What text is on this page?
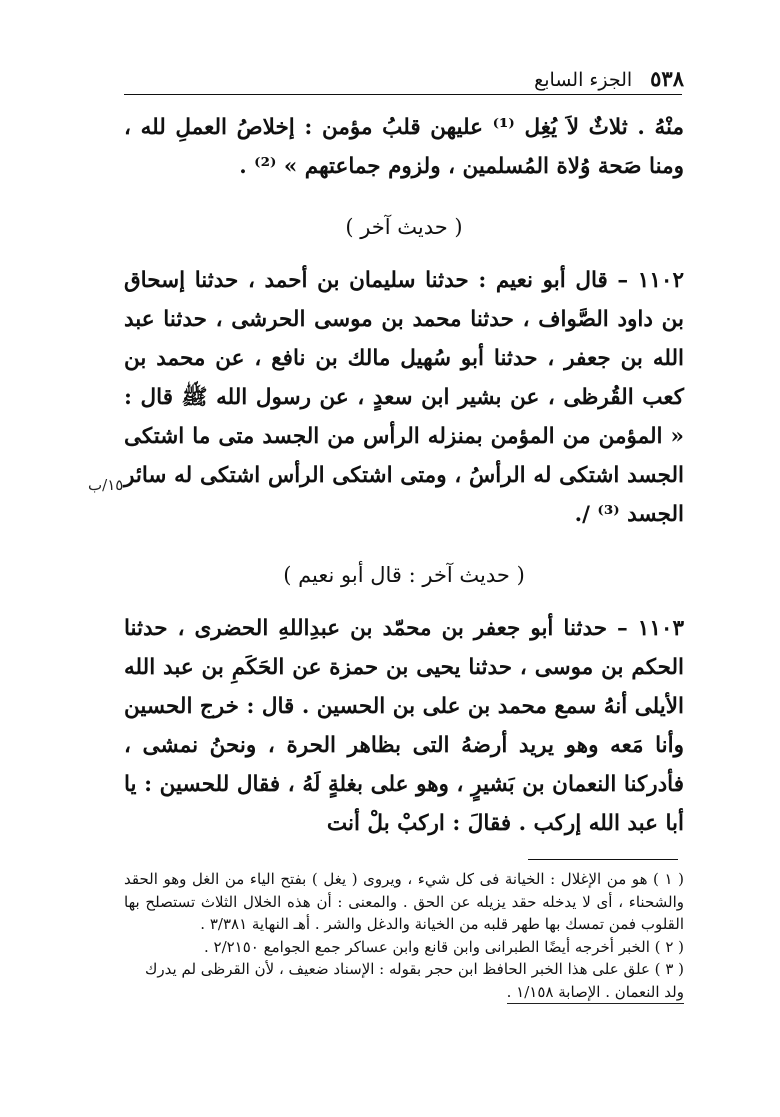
٥٣٨
الجزء السابع

منْهُ . ثلاثٌ لاَ يُغِل ⁽¹⁾ عليهن قلبُ مؤمن : إخلاصُ العملِ لله ، ومنا صَحة وُلاة المُسلمين ، ولزوم جماعتهم » ⁽²⁾ .

( حديث آخر )

١١٠٢ – قال أبو نعيم : حدثنا سليمان بن أحمد ، حدثنا إسحاق بن داود الصَّواف ، حدثنا محمد بن موسى الحرشى ، حدثنا عبد الله بن جعفر ، حدثنا أبو سُهيل مالك بن نافع ، عن محمد بن كعب القُرظى ، عن بشير ابن سعدٍ ، عن رسول الله ﷺ قال : « المؤمن من المؤمن بمنزله الرأس من الجسد متى ما اشتكى الجسد اشتكى له الرأسُ ، ومتى اشتكى الرأس اشتكى له سائر الجسد ⁽³⁾ /.

( حديث آخر : قال أبو نعيم )

١١٠٣ – حدثنا أبو جعفر بن محمّد بن عبدِاللهِ الحضرى ، حدثنا الحكم بن موسى ، حدثنا يحيى بن حمزة عن الحَكَمِ بن عبد الله الأيلى أنهُ سمع محمد بن على بن الحسين . قال : خرج الحسين وأنا مَعه وهو يريد أرضهُ التى بظاهر الحرة ، ونحنُ نمشى ، فأدركنا النعمان بن بَشيرٍ ، وهو على بغلةٍ لَهُ ، فقال للحسين : يا أبا عبد الله إركب . فقالَ : اركبْ بلْ أنت

١٥٠/ب

( ١ ) هو من الإغلال : الخيانة فى كل شيء ، ويروى ( يغل ) بفتح الياء من الغل وهو الحقد والشحناء ، أى لا يدخله حقد يزيله عن الحق . والمعنى : أن هذه الخلال الثلاث تستصلح بها القلوب فمن تمسك بها طهر قلبه من الخيانة والدغل والشر . أهـ النهاية ٣/٣٨١ .

( ٢ ) الخبر أخرجه أيضًا الطبرانى وابن قانع وابن عساكر جمع الجوامع ٢/٢١٥٠ .

( ٣ ) علق على هذا الخبر الحافظ ابن حجر بقوله : الإسناد ضعيف ، لأن القرظى لم يدرك

ولد النعمان . الإصابة ١/١٥٨ .
